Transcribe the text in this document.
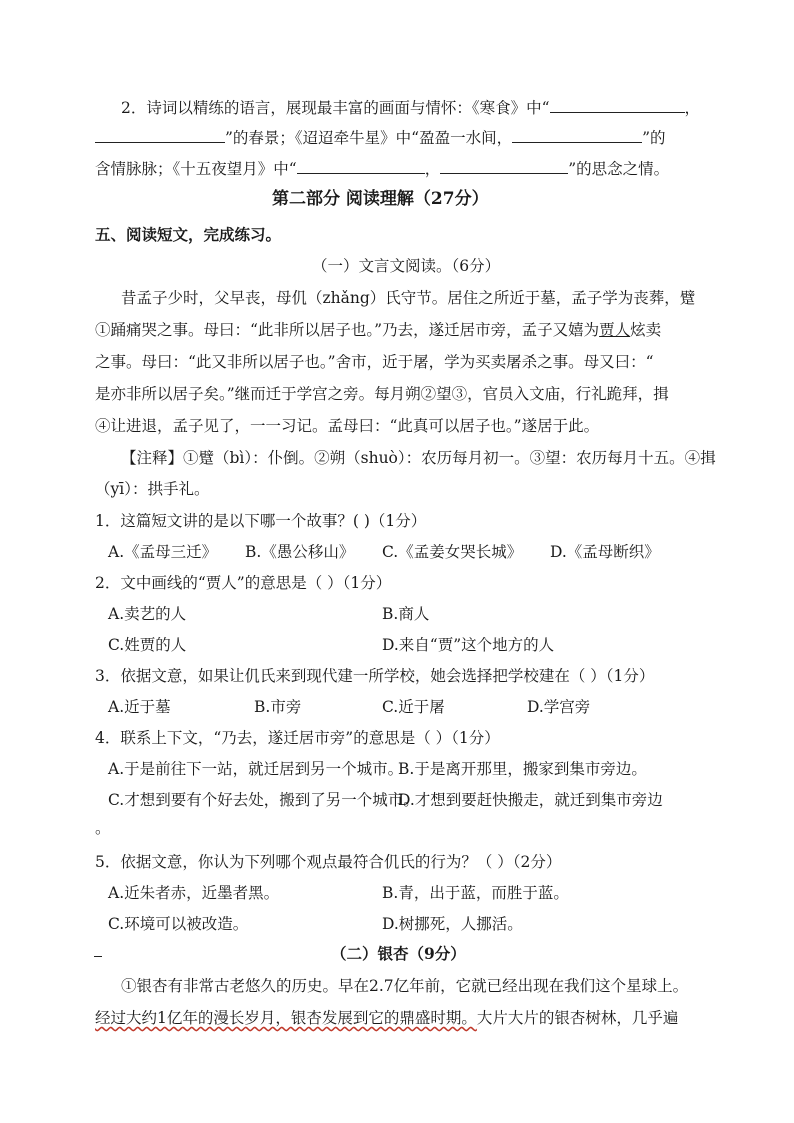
2．诗词以精练的语言，展现最丰富的画面与情怀：《寒食》中“	，
”的春景；《迢迢牵牛星》中“盈盈一水间，	”的
含情脉脉；《十五夜望月》中“	，	”的思念之情。
第二部分 阅读理解（27分）
五、阅读短文，完成练习。
（一）文言文阅读。（6分）
昔孟子少时，父早丧，母仉（zhǎng）氏守节。居住之所近于墓，孟子学为丧葬，躄
①踊痛哭之事。母曰：“此非所以居子也。”乃去，遂迁居市旁，孟子又嬉为贾人炫卖
之事。母曰：“此又非所以居子也。”舍市，近于屠，学为买卖屠杀之事。母又曰：“
是亦非所以居子矣。”继而迁于学宫之旁。每月朔②望③，官员入文庙，行礼跪拜，揖
④让进退，孟子见了，一一习记。孟母曰：“此真可以居子也。”遂居于此。
【注释】①躄（bì）：仆倒。②朔（shuò）：农历每月初一。③望：农历每月十五。④揖
（yī）：拱手礼。
1．这篇短文讲的是以下哪一个故事？( )（1分）
A.《孟母三迁》 B.《愚公移山》 C.《孟姜女哭长城》 D.《孟母断织》
2．文中画线的“贾人”的意思是（ ）（1分）
A.卖艺的人	B.商人
C.姓贾的人	D.来自“贾”这个地方的人
3．依据文意，如果让仉氏来到现代建一所学校，她会选择把学校建在（ ）（1分）
A.近于墓	B.市旁	C.近于屠	D.学宫旁
4．联系上下文，“乃去，遂迁居市旁”的意思是（ ）（1分）
A.于是前往下一站，就迁居到另一个城市。
B.于是离开那里，搬家到集市旁边。
C.才想到要有个好去处，搬到了另一个城市。
D.才想到要赶快搬走，就迁到集市旁边
。
5．依据文意，你认为下列哪个观点最符合仉氏的行为？（ ）（2分）
A.近朱者赤，近墨者黑。	B.青，出于蓝，而胜于蓝。
C.环境可以被改造。	D.树挪死，人挪活。
（二）银杏（9分）
①银杏有非常古老悠久的历史。早在2.7亿年前，它就已经出现在我们这个星球上。
经过大约1亿年的漫长岁月，银杏发展到它的鼎盛时期。大片大片的银杏树林，几乎遍
